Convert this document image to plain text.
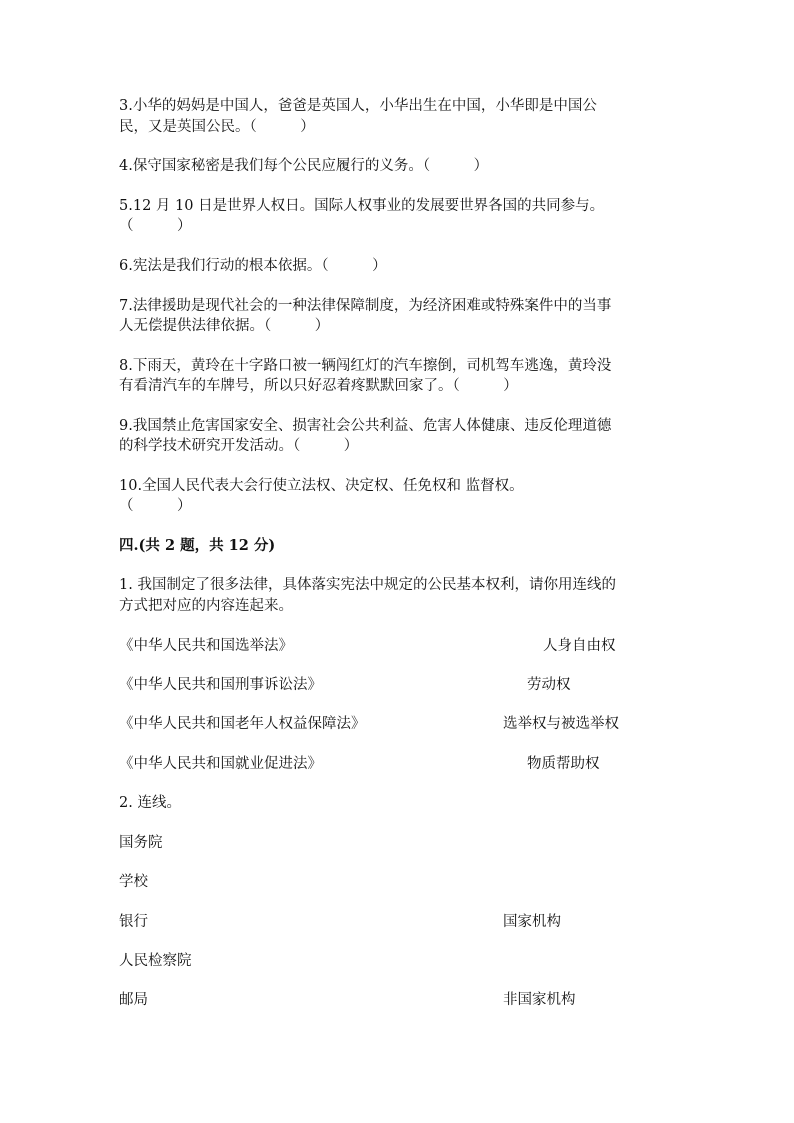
3.小华的妈妈是中国人，爸爸是英国人，小华出生在中国，小华即是中国公
民，又是英国公民。（　　　）
4.保守国家秘密是我们每个公民应履行的义务。（　　　）
5.12 月 10 日是世界人权日。国际人权事业的发展要世界各国的共同参与。
（　　　）
6.宪法是我们行动的根本依据。（　　　）
7.法律援助是现代社会的一种法律保障制度，为经济困难或特殊案件中的当事
人无偿提供法律依据。（　　　）
8.下雨天，黄玲在十字路口被一辆闯红灯的汽车擦倒，司机驾车逃逸，黄玲没
有看清汽车的车牌号，所以只好忍着疼默默回家了。（　　　）
9.我国禁止危害国家安全、损害社会公共利益、危害人体健康、违反伦理道德
的科学技术研究开发活动。（　　　）
10.全国人民代表大会行使立法权、决定权、任免权和 监督权。
（　　　）
四.(共 2 题，共 12 分)
1. 我国制定了很多法律，具体落实宪法中规定的公民基本权利，请你用连线的
方式把对应的内容连起来。
《中华人民共和国选举法》	人身自由权
《中华人民共和国刑事诉讼法》	劳动权
《中华人民共和国老年人权益保障法》	选举权与被选举权
《中华人民共和国就业促进法》	物质帮助权
2. 连线。
国务院
学校
银行	国家机构
人民检察院
邮局	非国家机构
